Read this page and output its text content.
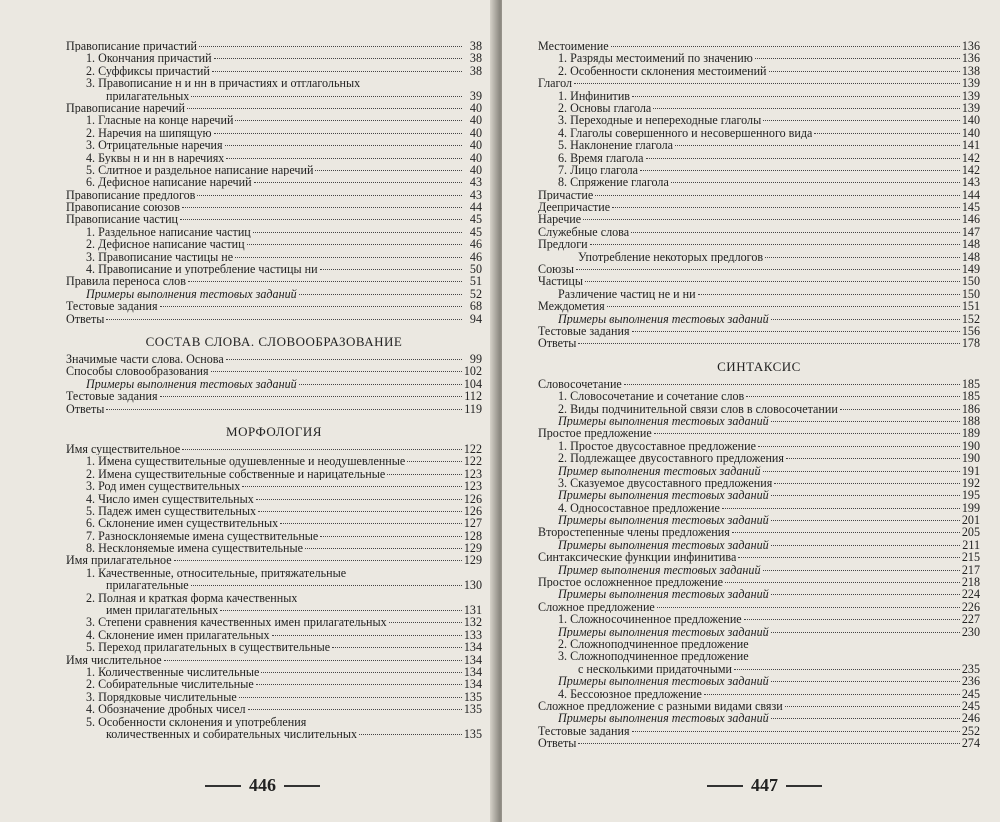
Правописание причастий	38
1. Окончания причастий	38
2. Суффиксы причастий	38
3. Правописание н и нн в причастиях и отглагольных
прилагательных	39
Правописание наречий	40
1. Гласные на конце наречий	40
2. Наречия на шипящую	40
3. Отрицательные наречия	40
4. Буквы н и нн в наречиях	40
5. Слитное и раздельное написание наречий	40
6. Дефисное написание наречий	43
Правописание предлогов	43
Правописание союзов	44
Правописание частиц	45
1. Раздельное написание частиц	45
2. Дефисное написание частиц	46
3. Правописание частицы не	46
4. Правописание и употребление частицы ни	50
Правила переноса слов	51
Примеры выполнения тестовых заданий	52
Тестовые задания	68
Ответы	94
СОСТАВ СЛОВА. СЛОВООБРАЗОВАНИЕ
Значимые части слова. Основа	99
Способы словообразования	102
Примеры выполнения тестовых заданий	104
Тестовые задания	112
Ответы	119
МОРФОЛОГИЯ
Имя существительное	122
1. Имена существительные одушевленные и неодушевленные	122
2. Имена существительные собственные и нарицательные	123
3. Род имен существительных	123
4. Число имен существительных	126
5. Падеж имен существительных	126
6. Склонение имен существительных	127
7. Разносклоняемые имена существительные	128
8. Несклоняемые имена существительные	129
Имя прилагательное	129
1. Качественные, относительные, притяжательные
прилагательные	130
2. Полная и краткая форма качественных
имен прилагательных	131
3. Степени сравнения качественных имен прилагательных	132
4. Склонение имен прилагательных	133
5. Переход прилагательных в существительные	134
Имя числительное	134
1. Количественные числительные	134
2. Собирательные числительные	134
3. Порядковые числительные	135
4. Обозначение дробных чисел	135
5. Особенности склонения и употребления
количественных и собирательных числительных	135
446
Местоимение	136
1. Разряды местоимений по значению	136
2. Особенности склонения местоимений	138
Глагол	139
1. Инфинитив	139
2. Основы глагола	139
3. Переходные и непереходные глаголы	140
4. Глаголы совершенного и несовершенного вида	140
5. Наклонение глагола	141
6. Время глагола	142
7. Лицо глагола	142
8. Спряжение глагола	143
Причастие	144
Деепричастие	145
Наречие	146
Служебные слова	147
Предлоги	148
Употребление некоторых предлогов	148
Союзы	149
Частицы	150
Различение частиц не и ни	150
Междометия	151
Примеры выполнения тестовых заданий	152
Тестовые задания	156
Ответы	178
СИНТАКСИС
Словосочетание	185
1. Словосочетание и сочетание слов	185
2. Виды подчинительной связи слов в словосочетании	186
Примеры выполнения тестовых заданий	188
Простое предложение	189
1. Простое двусоставное предложение	190
2. Подлежащее двусоставного предложения	190
Пример выполнения тестовых заданий	191
3. Сказуемое двусоставного предложения	192
Примеры выполнения тестовых заданий	195
4. Односоставное предложение	199
Примеры выполнения тестовых заданий	201
Второстепенные члены предложения	205
Примеры выполнения тестовых заданий	211
Синтаксические функции инфинитива	215
Пример выполнения тестовых заданий	217
Простое осложненное предложение	218
Примеры выполнения тестовых заданий	224
Сложное предложение	226
1. Сложносочиненное предложение	227
Примеры выполнения тестовых заданий	230
2. Сложноподчиненное предложение
3. Сложноподчиненное предложение
с несколькими придаточными	235
Примеры выполнения тестовых заданий	236
4. Бессоюзное предложение	245
Сложное предложение с разными видами связи	245
Примеры выполнения тестовых заданий	246
Тестовые задания	252
Ответы	274
447
